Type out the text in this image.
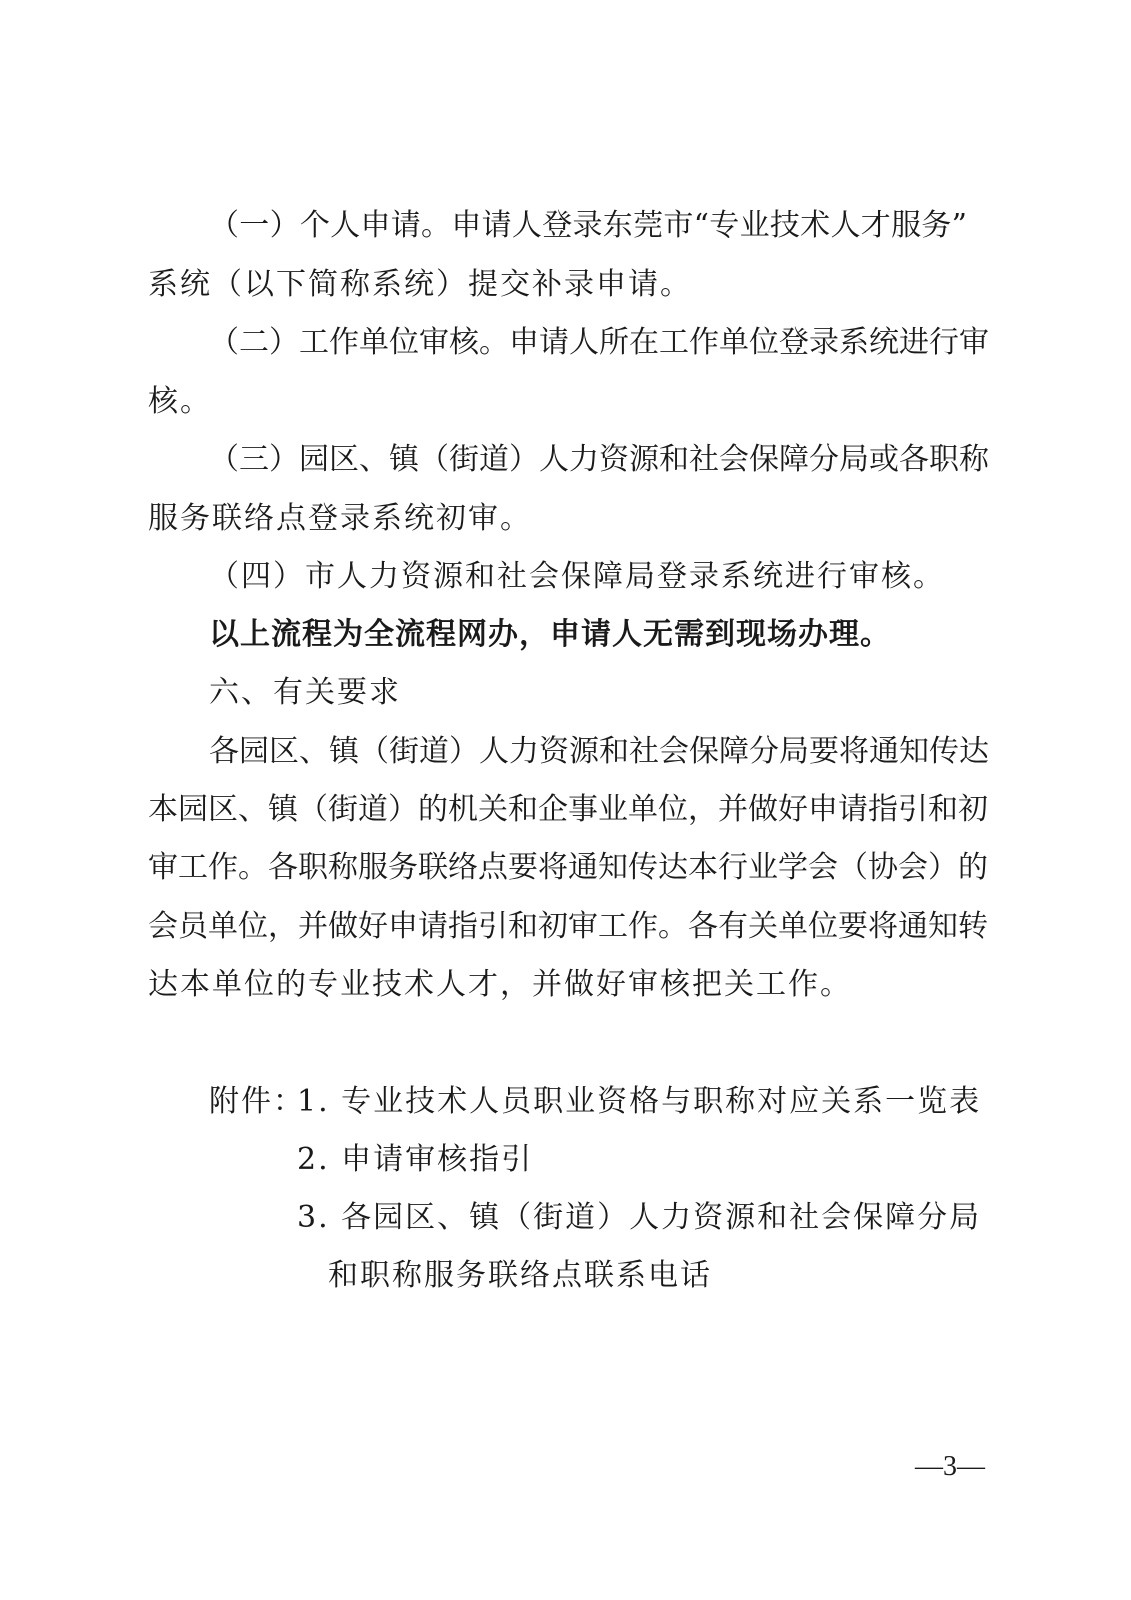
（一）个人申请。申请人登录东莞市“专业技术人才服务”
系统（以下简称系统）提交补录申请。
（二）工作单位审核。申请人所在工作单位登录系统进行审
核。
（三）园区、镇（街道）人力资源和社会保障分局或各职称
服务联络点登录系统初审。
（四）市人力资源和社会保障局登录系统进行审核。
以上流程为全流程网办，申请人无需到现场办理。
六、有关要求
各园区、镇（街道）人力资源和社会保障分局要将通知传达
本园区、镇（街道）的机关和企事业单位，并做好申请指引和初
审工作。各职称服务联络点要将通知传达本行业学会（协会）的
会员单位，并做好申请指引和初审工作。各有关单位要将通知转
达本单位的专业技术人才，并做好审核把关工作。
附件：
1. 专业技术人员职业资格与职称对应关系一览表
2. 申请审核指引
3. 各园区、镇（街道）人力资源和社会保障分局
和职称服务联络点联系电话
—3—
